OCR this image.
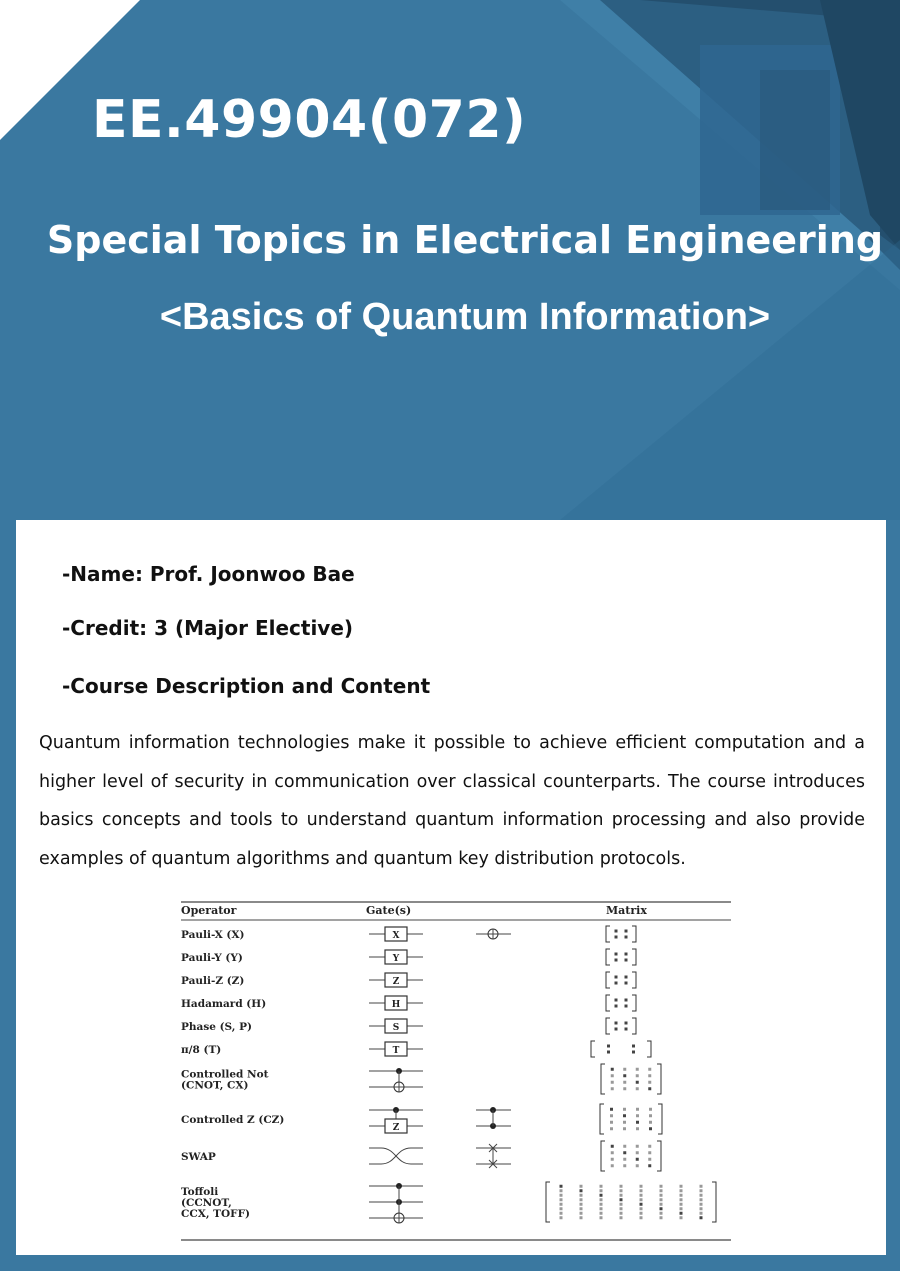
EE.49904(072)
Special Topics in Electrical Engineering
<Basics of Quantum Information>
-Name: Prof. Joonwoo Bae
-Credit: 3 (Major Elective)
-Course Description and Content

Quantum information technologies make it possible to achieve efficient computation and a higher level of security in communication over classical counterparts. The course introduces basics concepts and tools to understand quantum information processing and also provide examples of quantum algorithms and quantum key distribution protocols.

Operator	Gate(s)	Matrix
Pauli-X (X)
Pauli-Y (Y)
Pauli-Z (Z)
Hadamard (H)
Phase (S, P)
π/8 (T)
Controlled Not
(CNOT, CX)
Controlled Z (CZ)
SWAP
Toffoli
(CCNOT,
CCX, TOFF)
X
Y
Z
H
S
T
Z
